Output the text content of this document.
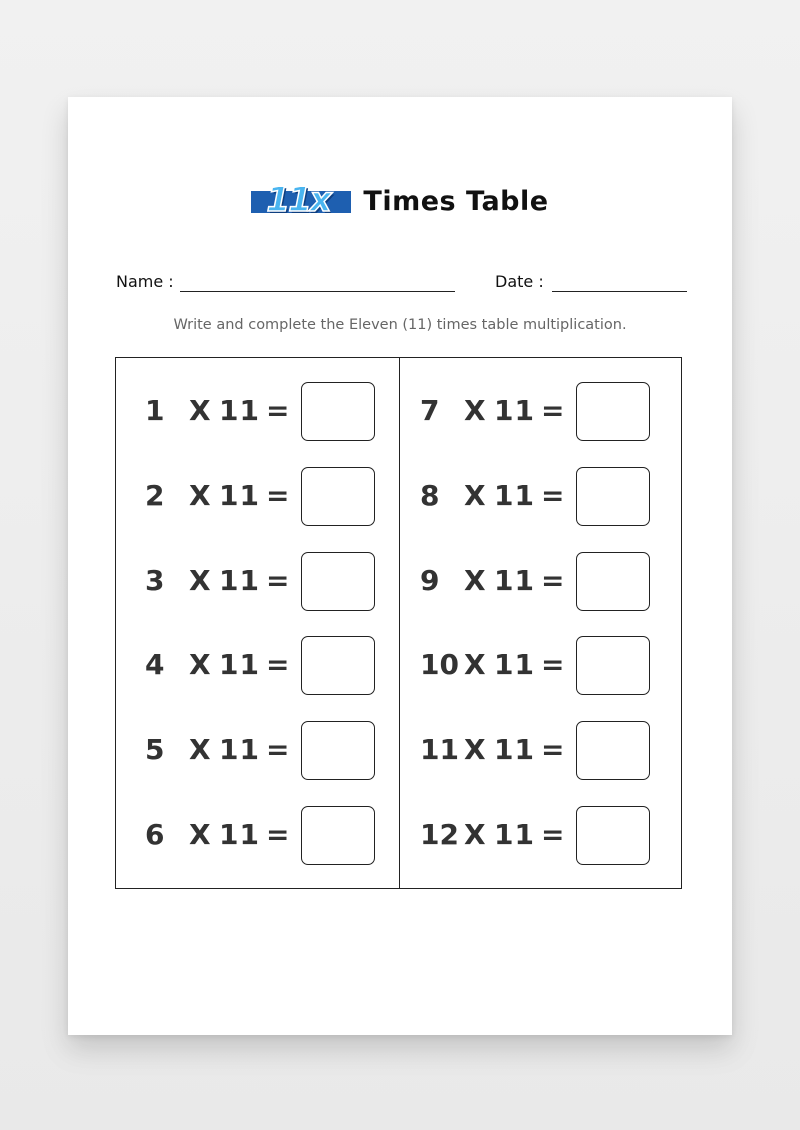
11x Times Table
Name :	Date :
Write and complete the Eleven (11) times table multiplication.
1 X 11 =
2 X 11 =
3 X 11 =
4 X 11 =
5 X 11 =
6 X 11 =
7 X 11 =
8 X 11 =
9 X 11 =
10 X 11 =
11 X 11 =
12 X 11 =
